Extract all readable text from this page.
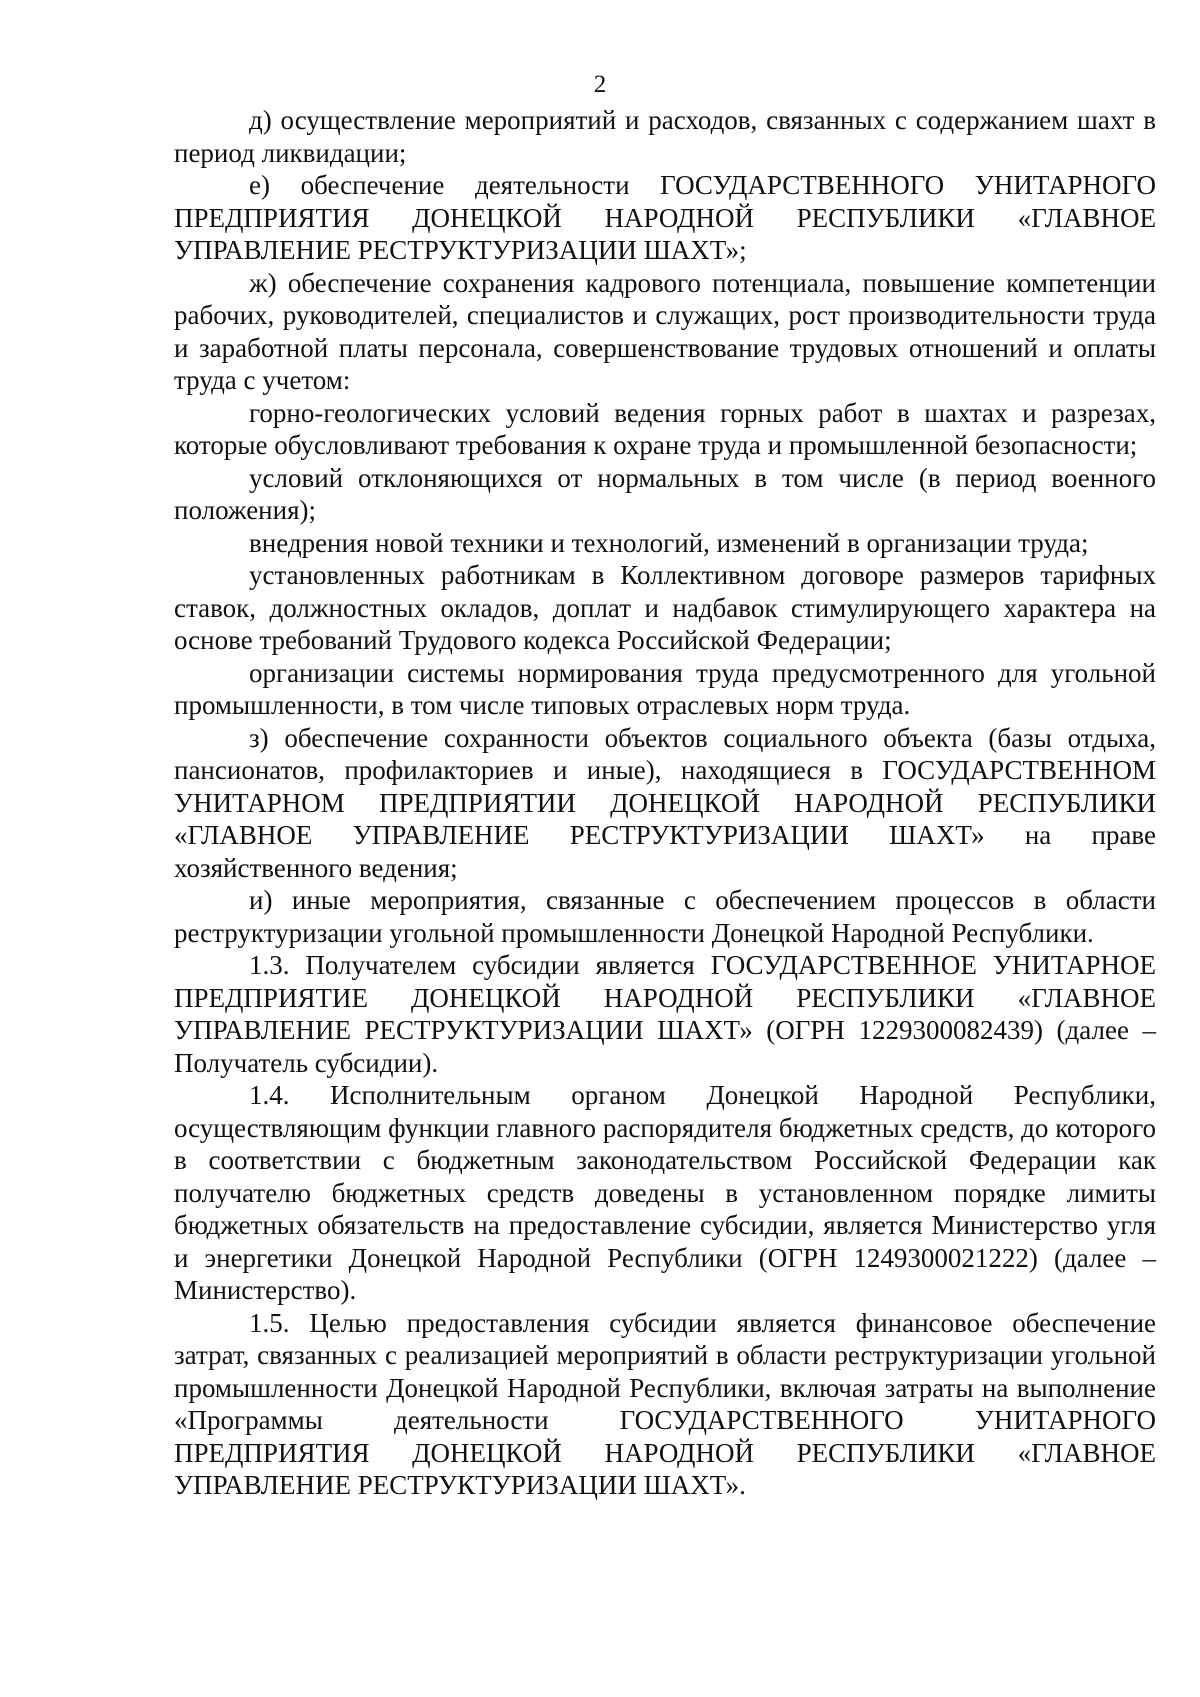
2

д) осуществление мероприятий и расходов, связанных с содержанием шахт в период ликвидации;

е) обеспечение деятельности ГОСУДАРСТВЕННОГО УНИТАРНОГО ПРЕДПРИЯТИЯ ДОНЕЦКОЙ НАРОДНОЙ РЕСПУБЛИКИ «ГЛАВНОЕ УПРАВЛЕНИЕ РЕСТРУКТУРИЗАЦИИ ШАХТ»;

ж) обеспечение сохранения кадрового потенциала, повышение компетенции рабочих, руководителей, специалистов и служащих, рост производительности труда и заработной платы персонала, совершенствование трудовых отношений и оплаты труда с учетом:

горно-геологических условий ведения горных работ в шахтах и разрезах, которые обусловливают требования к охране труда и промышленной безопасности;

условий отклоняющихся от нормальных в том числе (в период военного положения);

внедрения новой техники и технологий, изменений в организации труда;

установленных работникам в Коллективном договоре размеров тарифных ставок, должностных окладов, доплат и надбавок стимулирующего характера на основе требований Трудового кодекса Российской Федерации;

организации системы нормирования труда предусмотренного для угольной промышленности, в том числе типовых отраслевых норм труда.

з) обеспечение сохранности объектов социального объекта (базы отдыха, пансионатов, профилакториев и иные), находящиеся в ГОСУДАРСТВЕННОМ УНИТАРНОМ ПРЕДПРИЯТИИ ДОНЕЦКОЙ НАРОДНОЙ РЕСПУБЛИКИ «ГЛАВНОЕ УПРАВЛЕНИЕ РЕСТРУКТУРИЗАЦИИ ШАХТ» на праве хозяйственного ведения;

и) иные мероприятия, связанные с обеспечением процессов в области реструктуризации угольной промышленности Донецкой Народной Республики.

1.3. Получателем субсидии является ГОСУДАРСТВЕННОЕ УНИТАРНОЕ ПРЕДПРИЯТИЕ ДОНЕЦКОЙ НАРОДНОЙ РЕСПУБЛИКИ «ГЛАВНОЕ УПРАВЛЕНИЕ РЕСТРУКТУРИЗАЦИИ ШАХТ» (ОГРН 1229300082439) (далее – Получатель субсидии).

1.4. Исполнительным органом Донецкой Народной Республики, осуществляющим функции главного распорядителя бюджетных средств, до которого в соответствии с бюджетным законодательством Российской Федерации как получателю бюджетных средств доведены в установленном порядке лимиты бюджетных обязательств на предоставление субсидии, является Министерство угля и энергетики Донецкой Народной Республики (ОГРН 1249300021222) (далее – Министерство).

1.5. Целью предоставления субсидии является финансовое обеспечение затрат, связанных с реализацией мероприятий в области реструктуризации угольной промышленности Донецкой Народной Республики, включая затраты на выполнение «Программы деятельности ГОСУДАРСТВЕННОГО УНИТАРНОГО ПРЕДПРИЯТИЯ ДОНЕЦКОЙ НАРОДНОЙ РЕСПУБЛИКИ «ГЛАВНОЕ УПРАВЛЕНИЕ РЕСТРУКТУРИЗАЦИИ ШАХТ».
